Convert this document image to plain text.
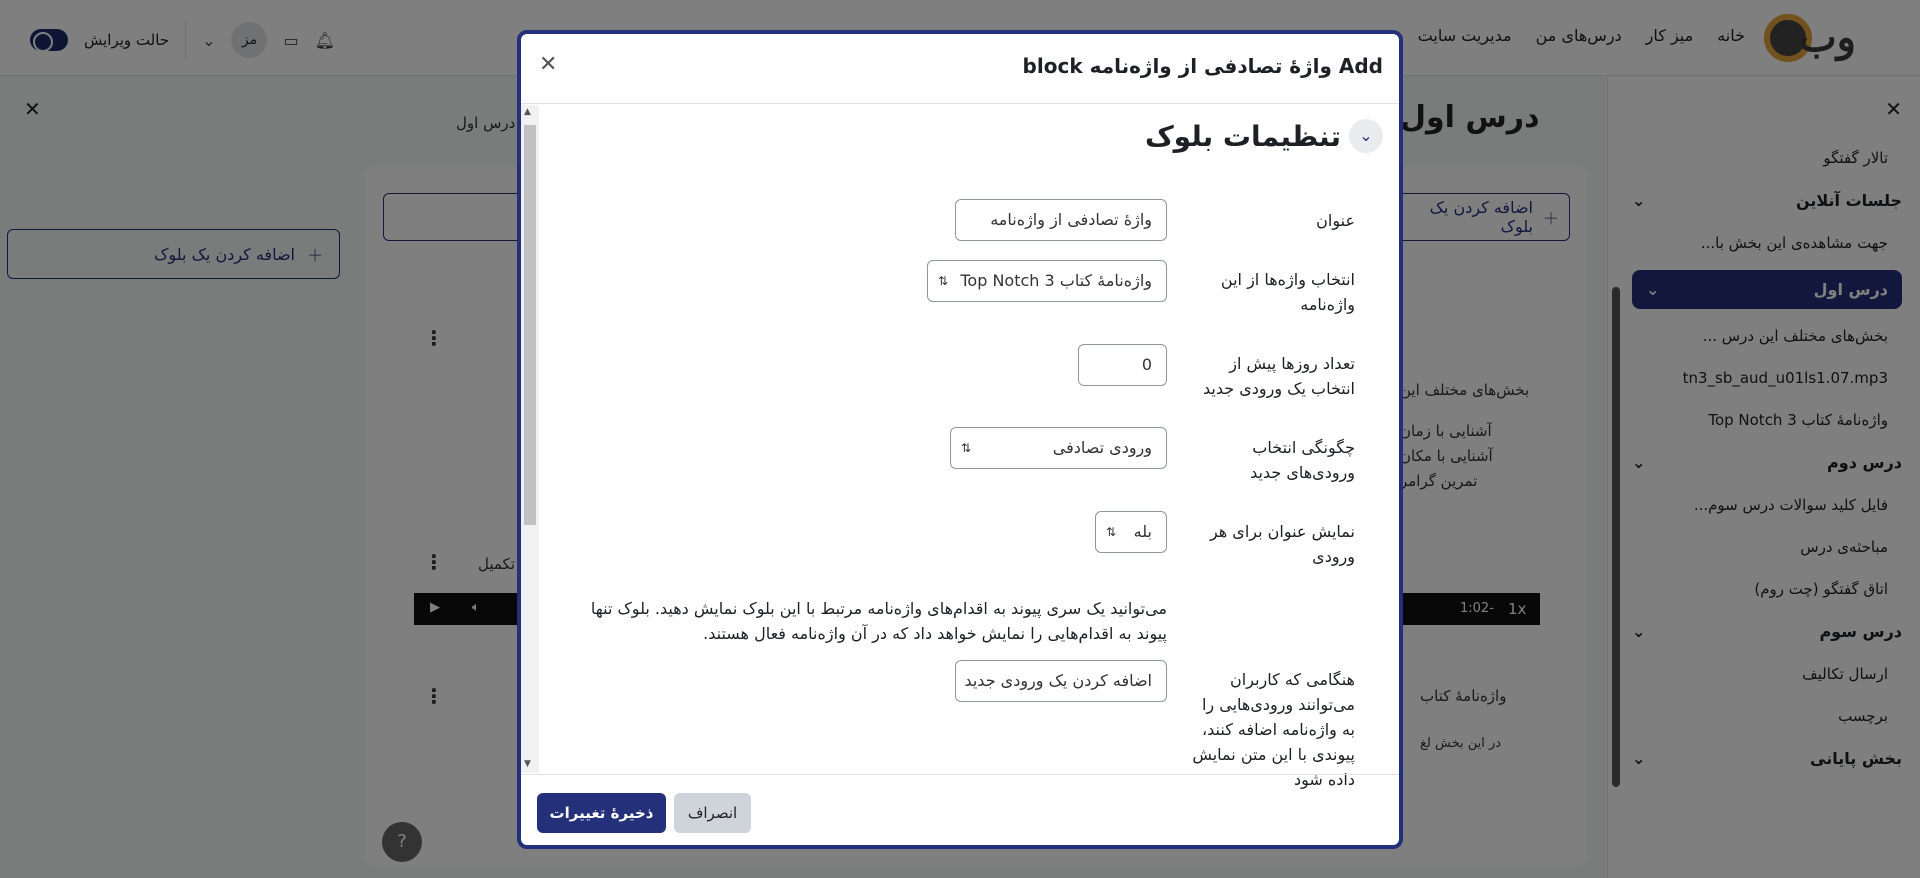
Add واژهٔ تصادفی از واژه‌نامه block
✕
▲
▼
⌄
تنظیمات بلوک
عنوان
واژهٔ تصادفی از واژه‌نامه
انتخاب واژه‌ها از این واژه‌نامه
واژه‌نامهٔ کتاب Top Notch 3 ⇅
تعداد روزها پیش از انتخاب یک ورودی جدید
0
چگونگی انتخاب ورودی‌های جدید
ورودی تصادفی ⇅
نمایش عنوان برای هر ورودی
بله ⇅
می‌توانید یک سری پیوند به اقدام‌های واژه‌نامه مرتبط با این بلوک نمایش دهید. بلوک تنها پیوند به اقدام‌هایی را نمایش خواهد داد که در آن واژه‌نامه فعال هستند.
هنگامی که کاربران می‌توانند ورودی‌هایی را به واژه‌نامه اضافه کنند، پیوندی با این متن نمایش داده شود
اضافه کردن یک ورودی جدید
ذخیرهٔ تغییرات	انصراف
